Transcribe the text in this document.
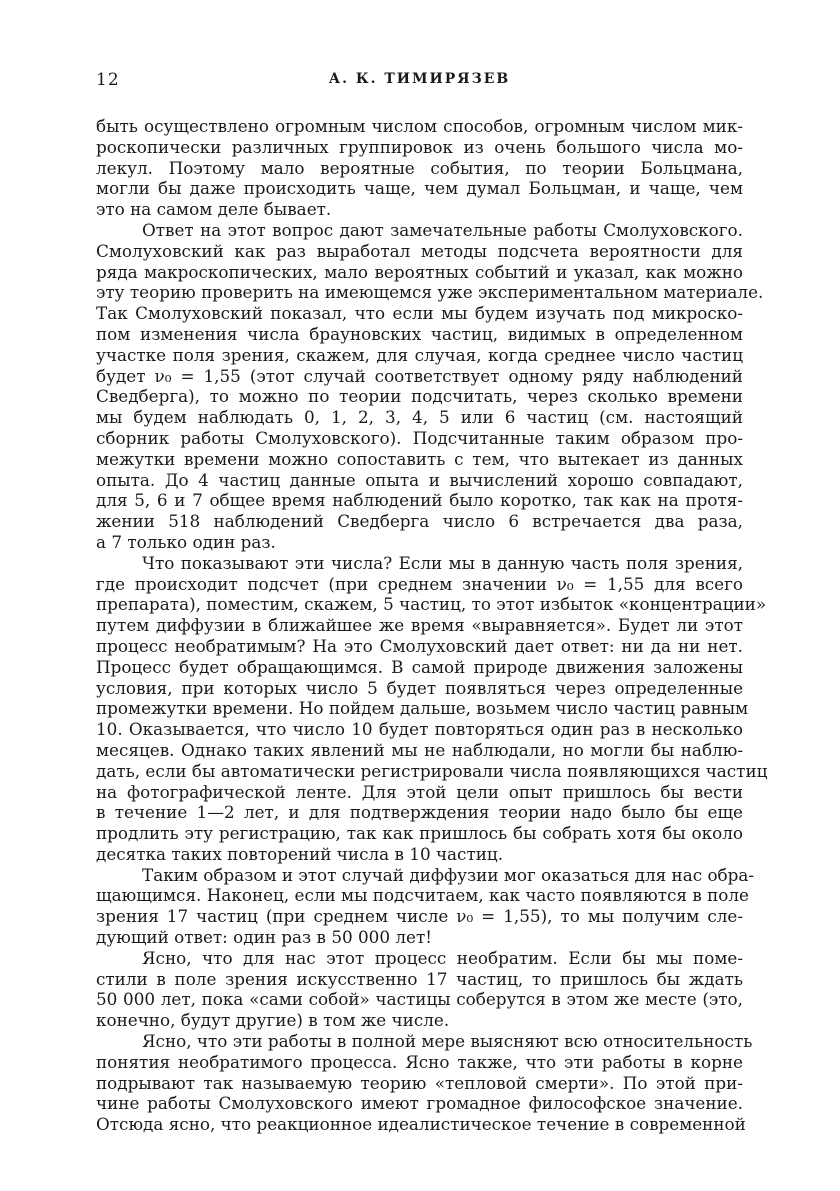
12	А. К. ТИМИРЯЗЕВ
быть осуществлено огромным числом способов, огромным числом мик-
роскопически различных группировок из очень большого числа мо-
лекул. Поэтому мало вероятные события, по теории Больцмана,
могли бы даже происходить чаще, чем думал Больцман, и чаще, чем
это на самом деле бывает.
Ответ на этот вопрос дают замечательные работы Смолуховского.
Смолуховский как раз выработал методы подсчета вероятности для
ряда макроскопических, мало вероятных событий и указал, как можно
эту теорию проверить на имеющемся уже экспериментальном материале.
Так Смолуховский показал, что если мы будем изучать под микроско-
пом изменения числа брауновских частиц, видимых в определенном
участке поля зрения, скажем, для случая, когда среднее число частиц
будет ν₀ = 1,55 (этот случай соответствует одному ряду наблюдений
Сведберга), то можно по теории подсчитать, через сколько времени
мы будем наблюдать 0, 1, 2, 3, 4, 5 или 6 частиц (см. настоящий
сборник работы Смолуховского). Подсчитанные таким образом про-
межутки времени можно сопоставить с тем, что вытекает из данных
опыта. До 4 частиц данные опыта и вычислений хорошо совпадают,
для 5, 6 и 7 общее время наблюдений было коротко, так как на протя-
жении 518 наблюдений Сведберга число 6 встречается два раза,
а 7 только один раз.
Что показывают эти числа? Если мы в данную часть поля зрения,
где происходит подсчет (при среднем значении ν₀ = 1,55 для всего
препарата), поместим, скажем, 5 частиц, то этот избыток «концентрации»
путем диффузии в ближайшее же время «выравняется». Будет ли этот
процесс необратимым? На это Смолуховский дает ответ: ни да ни нет.
Процесс будет обращающимся. В самой природе движения заложены
условия, при которых число 5 будет появляться через определенные
промежутки времени. Но пойдем дальше, возьмем число частиц равным
10. Оказывается, что число 10 будет повторяться один раз в несколько
месяцев. Однако таких явлений мы не наблюдали, но могли бы наблю-
дать, если бы автоматически регистрировали числа появляющихся частиц
на фотографической ленте. Для этой цели опыт пришлось бы вести
в течение 1—2 лет, и для подтверждения теории надо было бы еще
продлить эту регистрацию, так как пришлось бы собрать хотя бы около
десятка таких повторений числа в 10 частиц.
Таким образом и этот случай диффузии мог оказаться для нас обра-
щающимся. Наконец, если мы подсчитаем, как часто появляются в поле
зрения 17 частиц (при среднем числе ν₀ = 1,55), то мы получим сле-
дующий ответ: один раз в 50 000 лет!
Ясно, что для нас этот процесс необратим. Если бы мы поме-
стили в поле зрения искусственно 17 частиц, то пришлось бы ждать
50 000 лет, пока «сами собой» частицы соберутся в этом же месте (это,
конечно, будут другие) в том же числе.
Ясно, что эти работы в полной мере выясняют всю относительность
понятия необратимого процесса. Ясно также, что эти работы в корне
подрывают так называемую теорию «тепловой смерти». По этой при-
чине работы Смолуховского имеют громадное философское значение.
Отсюда ясно, что реакционное идеалистическое течение в современной
